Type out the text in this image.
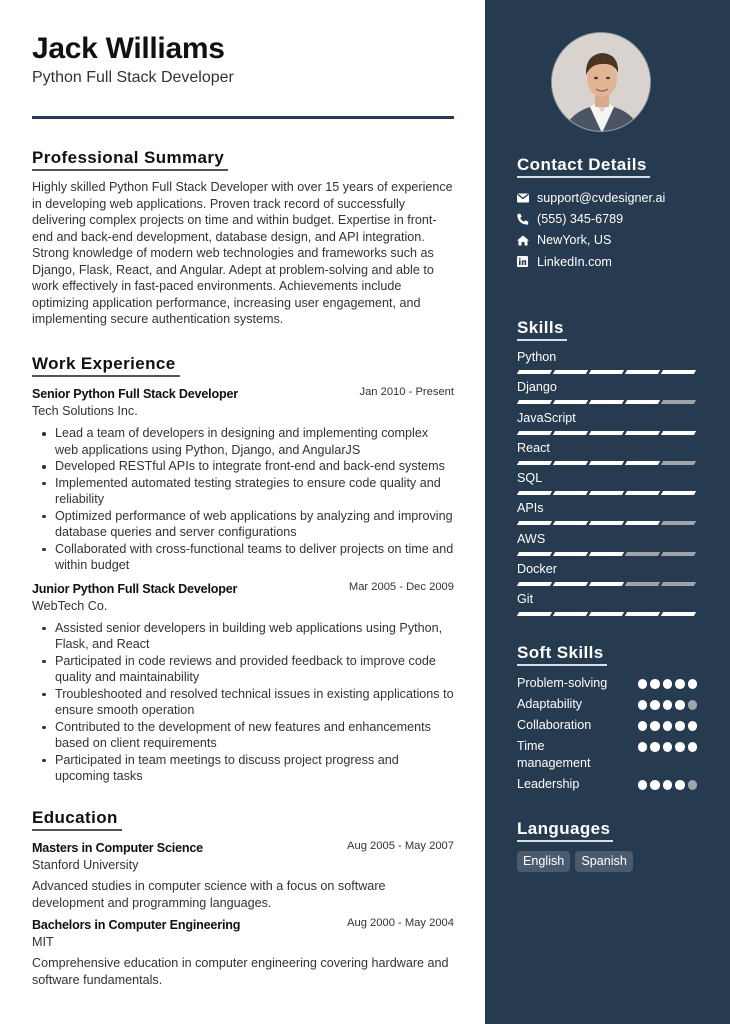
Jack Williams
Python Full Stack Developer
Professional Summary

Highly skilled Python Full Stack Developer with over 15 years of experience in developing web applications. Proven track record of successfully delivering complex projects on time and within budget. Expertise in front-end and back-end development, database design, and API integration. Strong knowledge of modern web technologies and frameworks such as Django, Flask, React, and Angular. Adept at problem-solving and able to work effectively in fast-paced environments. Achievements include optimizing application performance, increasing user engagement, and implementing secure authentication systems.

Work Experience
Senior Python Full Stack Developer	Jan 2010 - Present
Tech Solutions Inc.
Lead a team of developers in designing and implementing complex web applications using Python, Django, and AngularJS
Developed RESTful APIs to integrate front-end and back-end systems
Implemented automated testing strategies to ensure code quality and reliability
Optimized performance of web applications by analyzing and improving database queries and server configurations
Collaborated with cross-functional teams to deliver projects on time and within budget
Junior Python Full Stack Developer	Mar 2005 - Dec 2009
WebTech Co.
Assisted senior developers in building web applications using Python, Flask, and React
Participated in code reviews and provided feedback to improve code quality and maintainability
Troubleshooted and resolved technical issues in existing applications to ensure smooth operation
Contributed to the development of new features and enhancements based on client requirements
Participated in team meetings to discuss project progress and upcoming tasks
Education
Masters in Computer Science	Aug 2005 - May 2007
Stanford University

Advanced studies in computer science with a focus on software development and programming languages.

Bachelors in Computer Engineering	Aug 2000 - May 2004
MIT

Comprehensive education in computer engineering covering hardware and software fundamentals.

Contact Details
support@cvdesigner.ai
(555) 345-6789
NewYork, US
LinkedIn.com
Skills
Python
Django
JavaScript
React
SQL
APIs
AWS
Docker
Git
Soft Skills
Problem-solving
Adaptability
Collaboration
Time management
Leadership
Languages
English	Spanish
